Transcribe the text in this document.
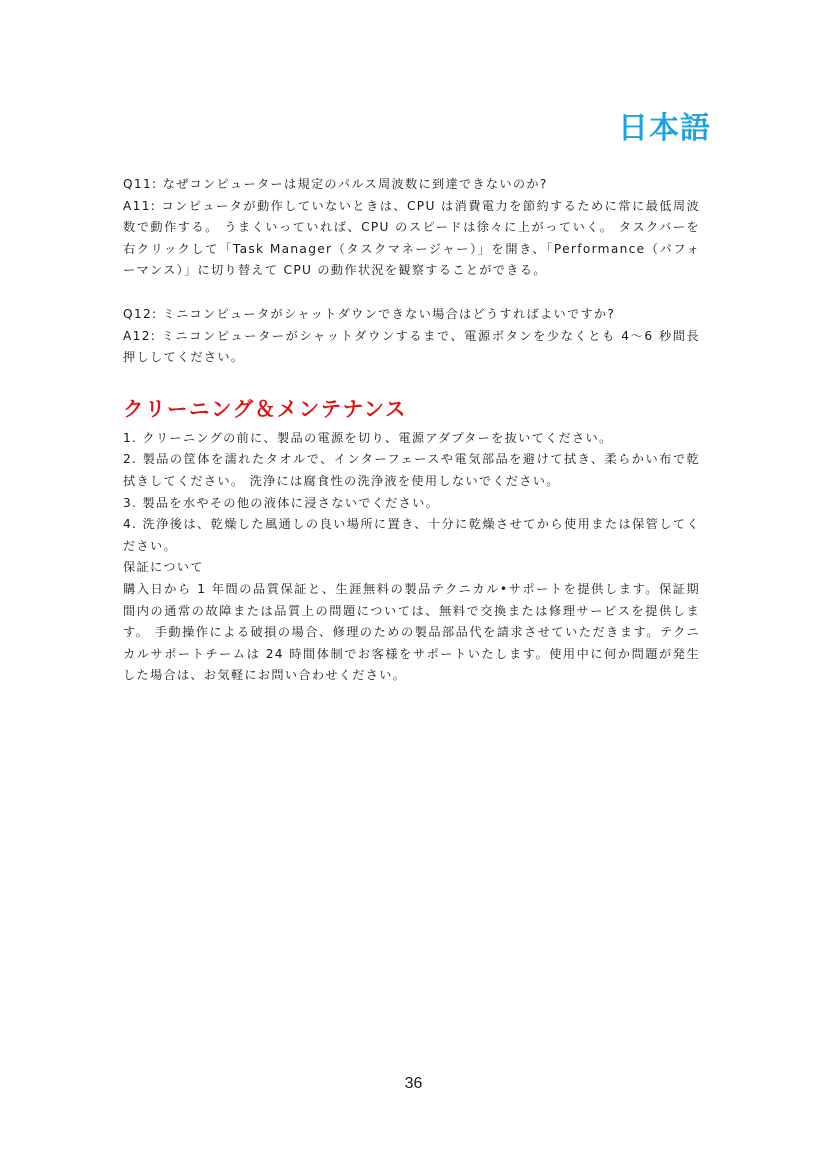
日本語

Q11: なぜコンピューターは規定のパルス周波数に到達できないのか?

A11: コンピュータが動作していないときは、CPU は消費電力を節約するために常に最低周波数で動作する。 うまくいっていれば、CPU のスピードは徐々に上がっていく。 タスクバーを右クリックして「Task Manager（タスクマネージャー）」を開き、「Performance（パフォーマンス）」に切り替えて CPU の動作状況を観察することができる。

Q12: ミニコンピュータがシャットダウンできない場合はどうすればよいですか?

A12: ミニコンピューターがシャットダウンするまで、電源ボタンを少なくとも 4～6 秒間長押ししてください。

クリーニング＆メンテナンス

1. クリーニングの前に、製品の電源を切り、電源アダプターを抜いてください。

2. 製品の筐体を濡れたタオルで、インターフェースや電気部品を避けて拭き、柔らかい布で乾拭きしてください。 洗浄には腐食性の洗浄液を使用しないでください。

3. 製品を水やその他の液体に浸さないでください。

4. 洗浄後は、乾燥した風通しの良い場所に置き、十分に乾燥させてから使用または保管してください。

保証について

購入日から 1 年間の品質保証と、生涯無料の製品テクニカル•サポートを提供します。保証期間内の通常の故障または品質上の問題については、無料で交換または修理サービスを提供します。 手動操作による破損の場合、修理のための製品部品代を請求させていただきます。テクニカルサポートチームは 24 時間体制でお客様をサポートいたします。使用中に何か問題が発生した場合は、お気軽にお問い合わせください。

36
